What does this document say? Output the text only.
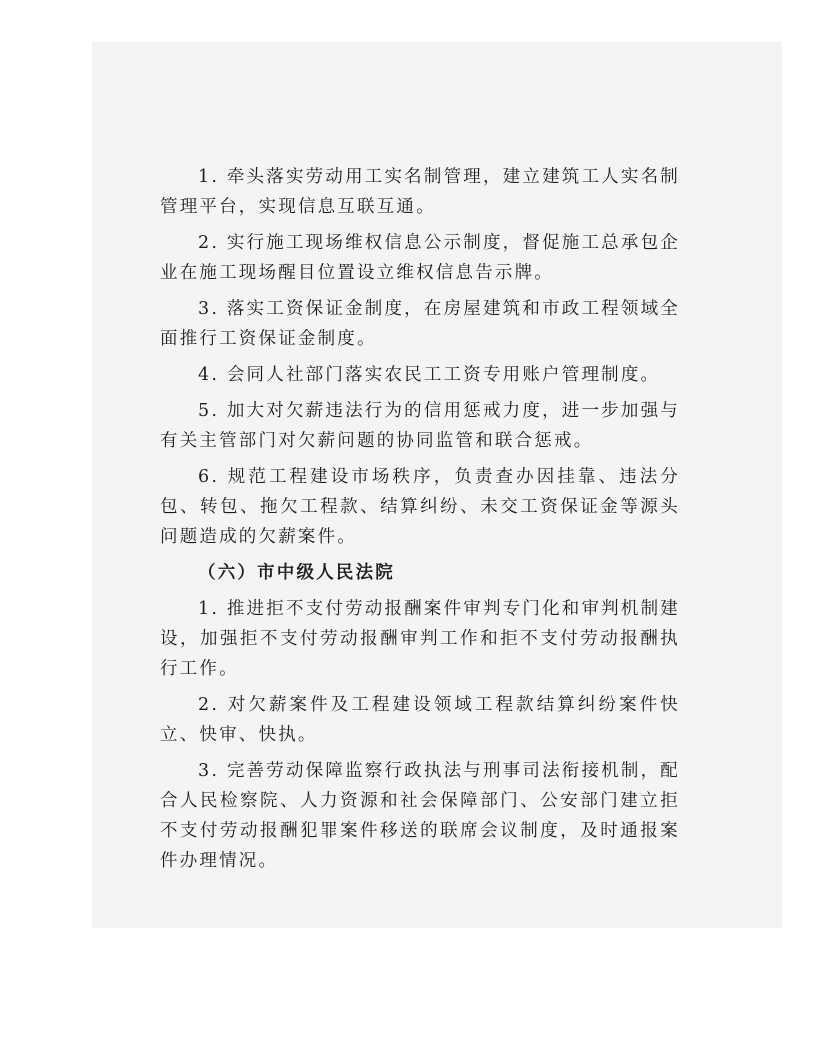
1. 牵头落实劳动用工实名制管理，建立建筑工人实名制管理平台，实现信息互联互通。

2. 实行施工现场维权信息公示制度，督促施工总承包企业在施工现场醒目位置设立维权信息告示牌。

3. 落实工资保证金制度，在房屋建筑和市政工程领域全面推行工资保证金制度。

4. 会同人社部门落实农民工工资专用账户管理制度。

5. 加大对欠薪违法行为的信用惩戒力度，进一步加强与有关主管部门对欠薪问题的协同监管和联合惩戒。

6. 规范工程建设市场秩序，负责查办因挂靠、违法分包、转包、拖欠工程款、结算纠纷、未交工资保证金等源头问题造成的欠薪案件。

（六）市中级人民法院

1. 推进拒不支付劳动报酬案件审判专门化和审判机制建设，加强拒不支付劳动报酬审判工作和拒不支付劳动报酬执行工作。

2. 对欠薪案件及工程建设领域工程款结算纠纷案件快立、快审、快执。

3. 完善劳动保障监察行政执法与刑事司法衔接机制，配合人民检察院、人力资源和社会保障部门、公安部门建立拒不支付劳动报酬犯罪案件移送的联席会议制度，及时通报案件办理情况。
